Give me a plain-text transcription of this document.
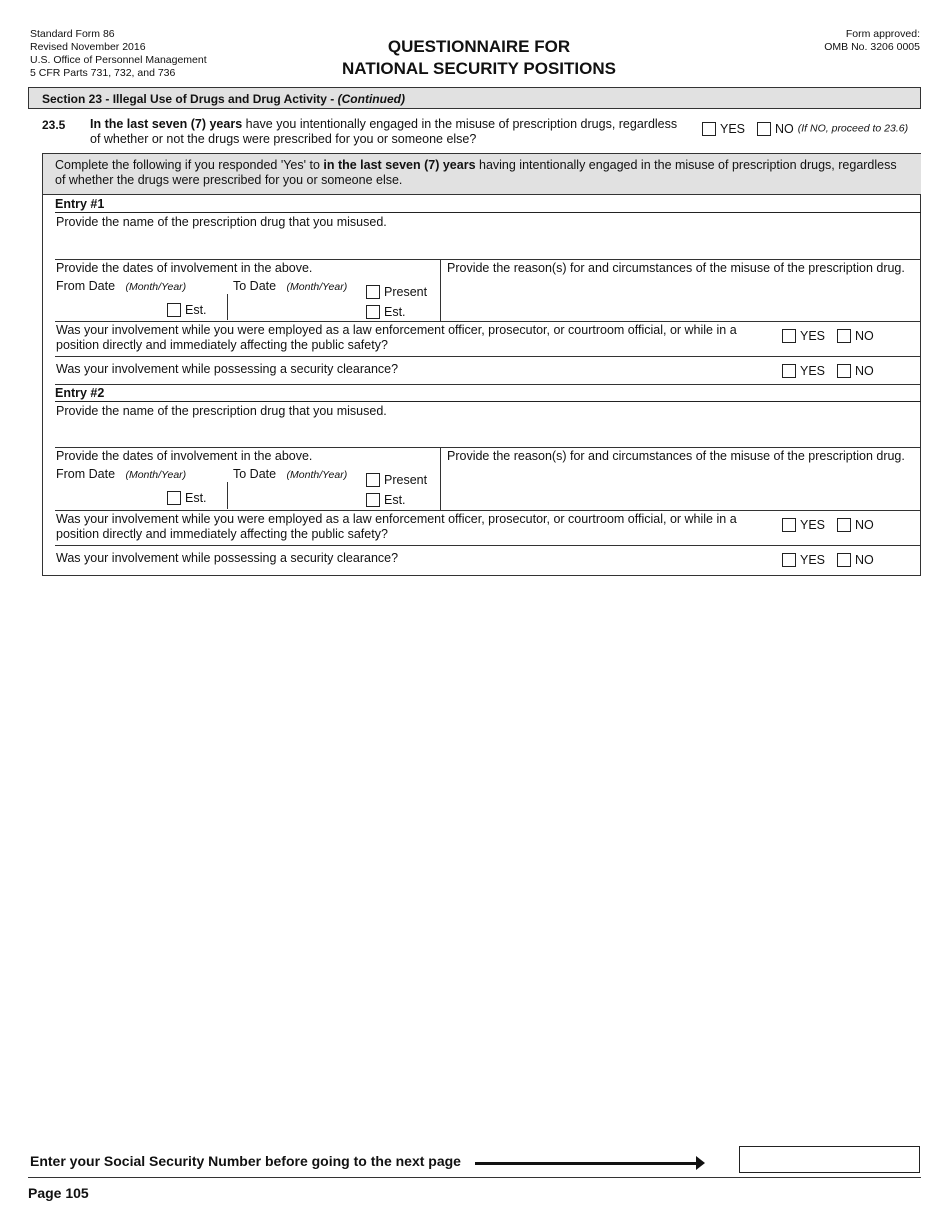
Standard Form 86
Revised November 2016
U.S. Office of Personnel Management
5 CFR Parts 731, 732, and 736
QUESTIONNAIRE FOR
NATIONAL SECURITY POSITIONS
Form approved:
OMB No. 3206 0005
Section 23 - Illegal Use of Drugs and Drug Activity - (Continued)
23.5 In the last seven (7) years have you intentionally engaged in the misuse of prescription drugs, regardless of whether or not the drugs were prescribed for you or someone else?
YES NO (If NO, proceed to 23.6)
Complete the following if you responded 'Yes' to in the last seven (7) years having intentionally engaged in the misuse of prescription drugs, regardless of whether the drugs were prescribed for you or someone else.
Entry #1
Provide the name of the prescription drug that you misused.
Provide the dates of involvement in the above.
From Date (Month/Year)	To Date (Month/Year)	Present
Est.	Est.
Provide the reason(s) for and circumstances of the misuse of the prescription drug.
Was your involvement while you were employed as a law enforcement officer, prosecutor, or courtroom official, or while in a position directly and immediately affecting the public safety?
YES NO
Was your involvement while possessing a security clearance?	YES NO
Entry #2
Provide the name of the prescription drug that you misused.
Provide the dates of involvement in the above.
From Date (Month/Year)	To Date (Month/Year)	Present
Est.	Est.
Provide the reason(s) for and circumstances of the misuse of the prescription drug.
Was your involvement while you were employed as a law enforcement officer, prosecutor, or courtroom official, or while in a position directly and immediately affecting the public safety?
YES NO
Was your involvement while possessing a security clearance?	YES NO
Enter your Social Security Number before going to the next page
Page 105
